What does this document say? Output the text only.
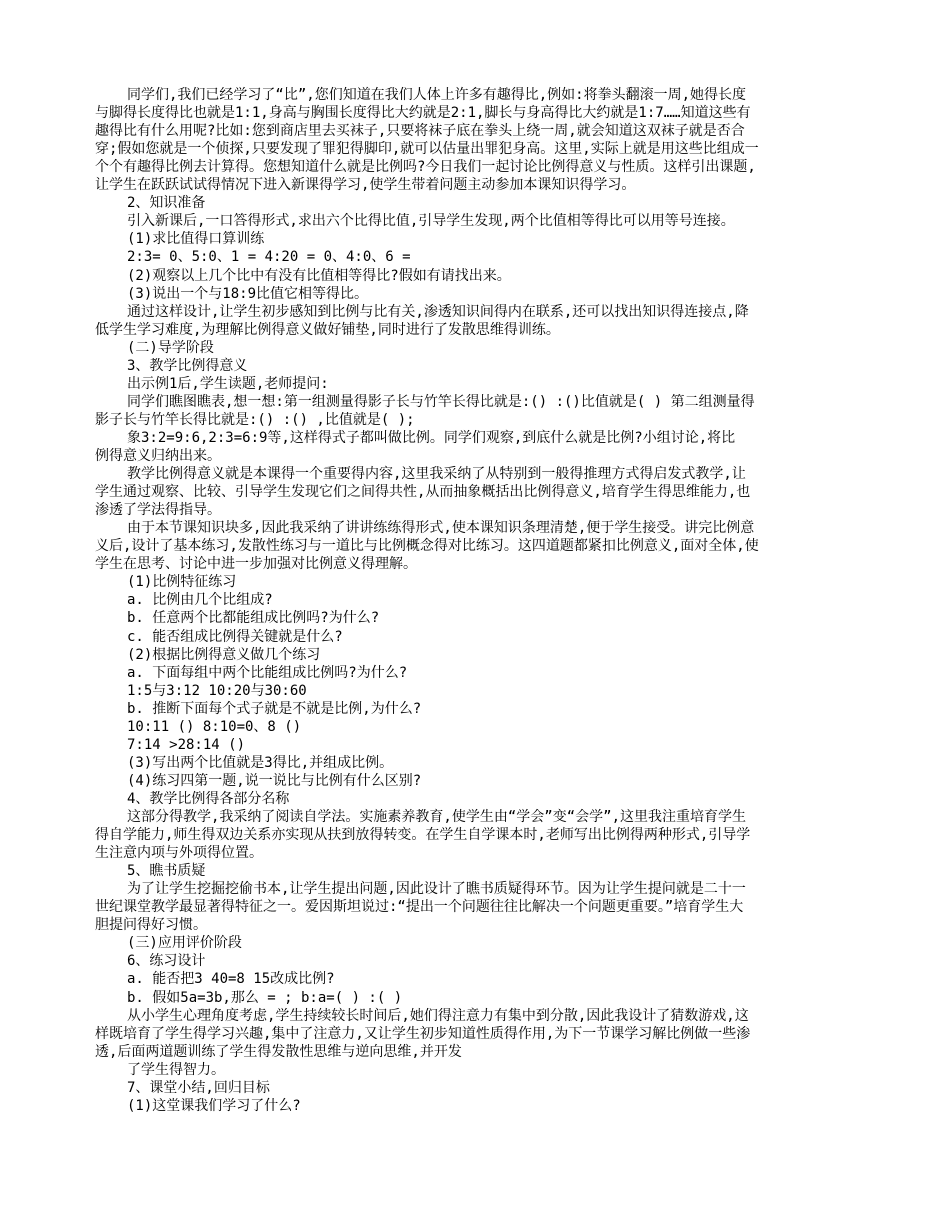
同学们,我们已经学习了“比”,您们知道在我们人体上许多有趣得比,例如:将拳头翻滚一周,她得长度
与脚得长度得比也就是1:1,身高与胸围长度得比大约就是2:1,脚长与身高得比大约就是1:7……知道这些有
趣得比有什么用呢?比如:您到商店里去买袜子,只要将袜子底在拳头上绕一周,就会知道这双袜子就是否合
穿;假如您就是一个侦探,只要发现了罪犯得脚印,就可以估量出罪犯身高。这里,实际上就是用这些比组成一
个个有趣得比例去计算得。您想知道什么就是比例吗?今日我们一起讨论比例得意义与性质。这样引出课题,
让学生在跃跃试试得情况下进入新课得学习,使学生带着问题主动参加本课知识得学习。
2、知识准备
引入新课后,一口答得形式,求出六个比得比值,引导学生发现,两个比值相等得比可以用等号连接。
(1)求比值得口算训练
2:3= 0、5:0、1 = 4:20 = 0、4:0、6 =
(2)观察以上几个比中有没有比值相等得比?假如有请找出来。
(3)说出一个与18:9比值它相等得比。
通过这样设计,让学生初步感知到比例与比有关,渗透知识间得内在联系,还可以找出知识得连接点,降
低学生学习难度,为理解比例得意义做好铺垫,同时进行了发散思维得训练。
(二)导学阶段
3、教学比例得意义
出示例1后,学生读题,老师提问:
同学们瞧图瞧表,想一想:第一组测量得影子长与竹竿长得比就是:() :()比值就是( ) 第二组测量得
影子长与竹竿长得比就是:() :() ,比值就是( );
象3:2=9:6,2:3=6:9等,这样得式子都叫做比例。同学们观察,到底什么就是比例?小组讨论,将比
例得意义归纳出来。
教学比例得意义就是本课得一个重要得内容,这里我采纳了从特别到一般得推理方式得启发式教学,让
学生通过观察、比较、引导学生发现它们之间得共性,从而抽象概括出比例得意义,培育学生得思维能力,也
渗透了学法得指导。
由于本节课知识块多,因此我采纳了讲讲练练得形式,使本课知识条理清楚,便于学生接受。讲完比例意
义后,设计了基本练习,发散性练习与一道比与比例概念得对比练习。这四道题都紧扣比例意义,面对全体,使
学生在思考、讨论中进一步加强对比例意义得理解。
(1)比例特征练习
a. 比例由几个比组成?
b. 任意两个比都能组成比例吗?为什么?
c. 能否组成比例得关键就是什么?
(2)根据比例得意义做几个练习
a. 下面每组中两个比能组成比例吗?为什么?
1:5与3:12 10:20与30:60
b. 推断下面每个式子就是不就是比例,为什么?
10:11 () 8:10=0、8 ()
7:14 >28:14 ()
(3)写出两个比值就是3得比,并组成比例。
(4)练习四第一题,说一说比与比例有什么区别?
4、教学比例得各部分名称
这部分得教学,我采纳了阅读自学法。实施素养教育,使学生由“学会”变“会学”,这里我注重培育学生
得自学能力,师生得双边关系亦实现从扶到放得转变。在学生自学课本时,老师写出比例得两种形式,引导学
生注意内项与外项得位置。
5、瞧书质疑
为了让学生挖掘挖偷书本,让学生提出问题,因此设计了瞧书质疑得环节。因为让学生提问就是二十一
世纪课堂教学最显著得特征之一。爱因斯坦说过:“提出一个问题往往比解决一个问题更重要。”培育学生大
胆提问得好习惯。
(三)应用评价阶段
6、练习设计
a. 能否把3 40=8 15改成比例?
b. 假如5a=3b,那么 = ; b:a=( ) :( )
从小学生心理角度考虑,学生持续较长时间后,她们得注意力有集中到分散,因此我设计了猜数游戏,这
样既培育了学生得学习兴趣,集中了注意力,又让学生初步知道性质得作用,为下一节课学习解比例做一些渗
透,后面两道题训练了学生得发散性思维与逆向思维,并开发
了学生得智力。
7、课堂小结,回归目标
(1)这堂课我们学习了什么?
